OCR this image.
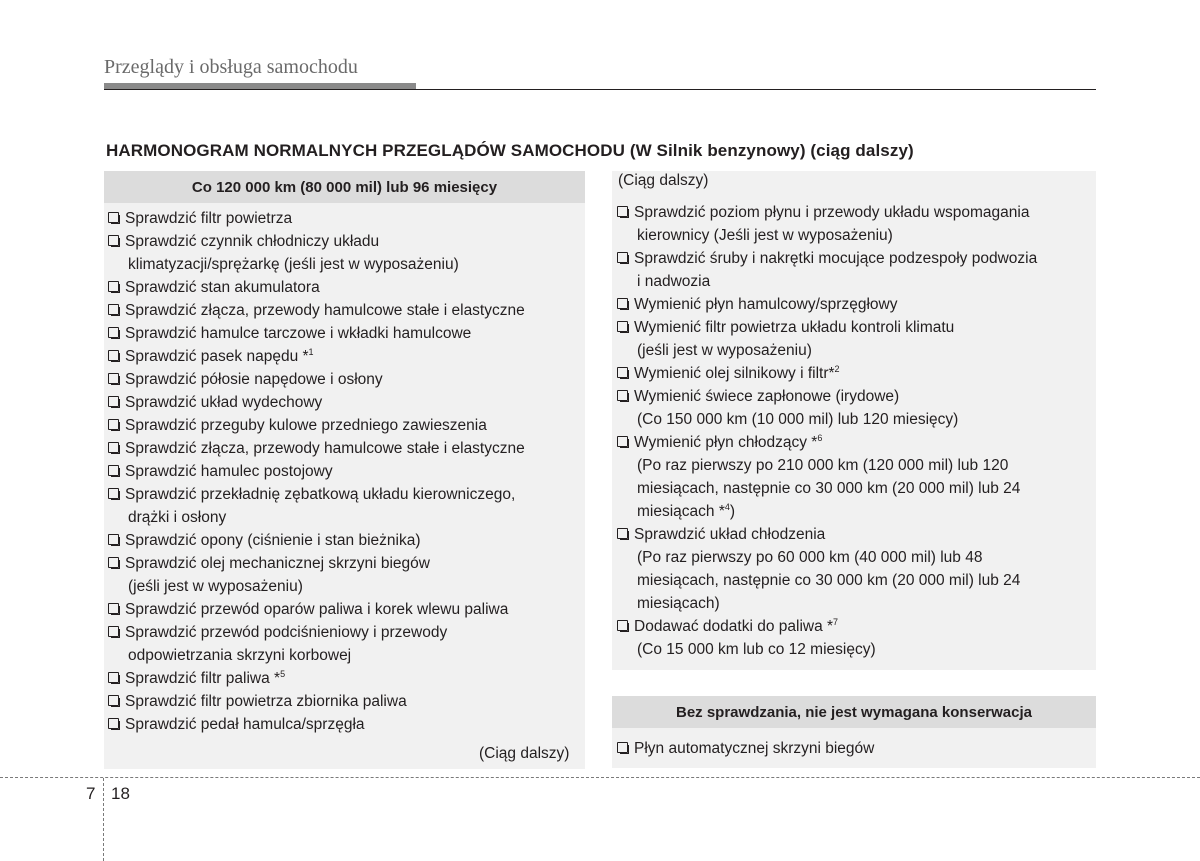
Przeglądy i obsługa samochodu
HARMONOGRAM NORMALNYCH PRZEGLĄDÓW SAMOCHODU (W Silnik benzynowy) (ciąg dalszy)
Co 120 000 km (80 000 mil) lub 96 miesięcy
Sprawdzić filtr powietrza
Sprawdzić czynnik chłodniczy układu
klimatyzacji/sprężarkę (jeśli jest w wyposażeniu)
Sprawdzić stan akumulatora
Sprawdzić złącza, przewody hamulcowe stałe i elastyczne
Sprawdzić hamulce tarczowe i wkładki hamulcowe
Sprawdzić pasek napędu *$^1$
Sprawdzić półosie napędowe i osłony
Sprawdzić układ wydechowy
Sprawdzić przeguby kulowe przedniego zawieszenia
Sprawdzić złącza, przewody hamulcowe stałe i elastyczne
Sprawdzić hamulec postojowy
Sprawdzić przekładnię zębatkową układu kierowniczego,
drążki i osłony
Sprawdzić opony (ciśnienie i stan bieżnika)
Sprawdzić olej mechanicznej skrzyni biegów
(jeśli jest w wyposażeniu)
Sprawdzić przewód oparów paliwa i korek wlewu paliwa
Sprawdzić przewód podciśnieniowy i przewody
odpowietrzania skrzyni korbowej
Sprawdzić filtr paliwa *$^5$
Sprawdzić filtr powietrza zbiornika paliwa
Sprawdzić pedał hamulca/sprzęgła
(Ciąg dalszy)
(Ciąg dalszy)
Sprawdzić poziom płynu i przewody układu wspomagania
kierownicy (Jeśli jest w wyposażeniu)
Sprawdzić śruby i nakrętki mocujące podzespoły podwozia
i nadwozia
Wymienić płyn hamulcowy/sprzęgłowy
Wymienić filtr powietrza układu kontroli klimatu
(jeśli jest w wyposażeniu)
Wymienić olej silnikowy i filtr*$^2$
Wymienić świece zapłonowe (irydowe)
(Co 150 000 km (10 000 mil) lub 120 miesięcy)
Wymienić płyn chłodzący *$^6$
(Po raz pierwszy po 210 000 km (120 000 mil) lub 120
miesiącach, następnie co 30 000 km (20 000 mil) lub 24
miesiącach *$^4$)
Sprawdzić układ chłodzenia
(Po raz pierwszy po 60 000 km (40 000 mil) lub 48
miesiącach, następnie co 30 000 km (20 000 mil) lub 24
miesiącach)
Dodawać dodatki do paliwa *$^7$
(Co 15 000 km lub co 12 miesięcy)
Bez sprawdzania, nie jest wymagana konserwacja
Płyn automatycznej skrzyni biegów
7 18
